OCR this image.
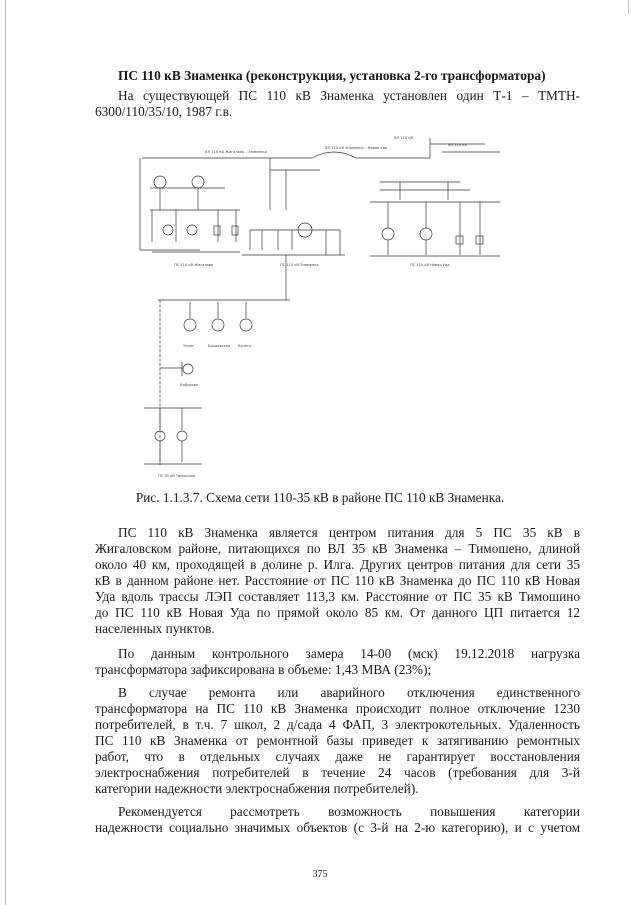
ПС 110 кВ Знаменка (реконструкция, установка 2-го трансформатора)
На существующей ПС 110 кВ Знаменка установлен один Т-1 – ТМТН-
6300/110/35/10, 1987 г.в.
ВЛ 110 кВ Жигалово – Знаменка
ВЛ 110 кВ Знаменка – Новая Уда
ВЛ 110 кВ
ВЛ 110 кВ
ПС 110 кВ Жигалово	ПС 110 кВ Знаменка	ПС 110 кВ Новая Уда
Чичек	Бродовская Качега
Кабурово
ПС 35 кВ Тимошино
Рис. 1.1.3.7. Схема сети 110-35 кВ в районе ПС 110 кВ Знаменка.
ПС 110 кВ Знаменка является центром питания для 5 ПС 35 кВ в
Жигаловском районе, питающихся по ВЛ 35 кВ Знаменка – Тимошено, длиной
около 40 км, проходящей в долине р. Илга. Других центров питания для сети 35
кВ в данном районе нет. Расстояние от ПС 110 кВ Знаменка до ПС 110 кВ Новая
Уда вдоль трассы ЛЭП составляет 113,3 км. Расстояние от ПС 35 кВ Тимошино
до ПС 110 кВ Новая Уда по прямой около 85 км. От данного ЦП питается 12
населенных пунктов.
По данным контрольного замера 14-00 (мск) 19.12.2018 нагрузка
трансформатора зафиксирована в объеме: 1,43 МВА (23%);
В случае ремонта или аварийного отключения единственного
трансформатора на ПС 110 кВ Знаменка происходит полное отключение 1230
потребителей, в т.ч. 7 школ, 2 д/сада 4 ФАП, 3 электрокотельных. Удаленность
ПС 110 кВ Знаменка от ремонтной базы приведет к затягиванию ремонтных
работ, что в отдельных случаях даже не гарантирует восстановления
электроснабжения потребителей в течение 24 часов (требования для 3-й
категории надежности электроснабжения потребителей).
Рекомендуется рассмотреть возможность повышения категории
надежности социально значимых объектов (с 3-й на 2-ю категорию), и с учетом
375
